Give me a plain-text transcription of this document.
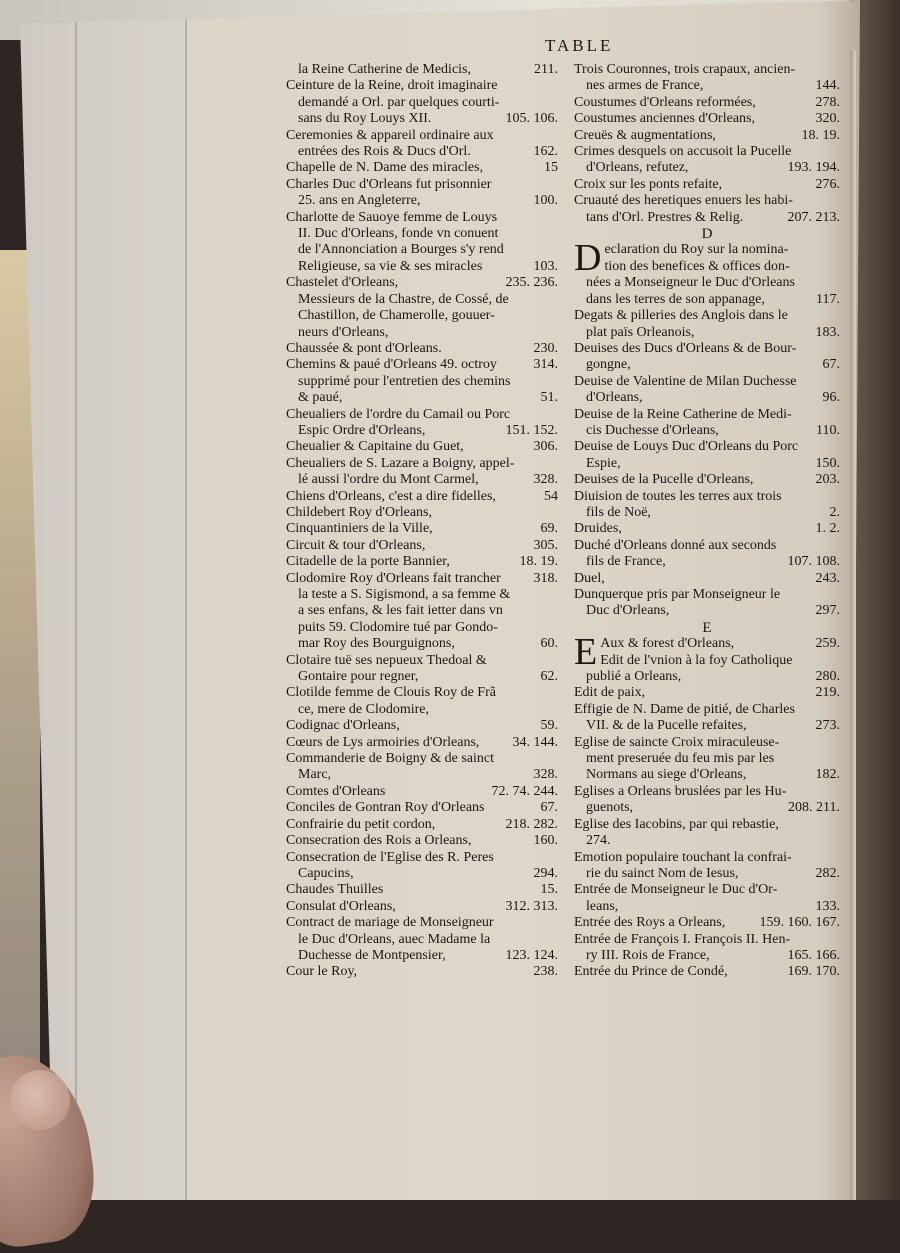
TABLE
la Reine Catherine de Medicis,	211.
Ceinture de la Reine, droit imaginaire
demandé a Orl. par quelques courti-
sans du Roy Louys XII.	105. 106.
Ceremonies & appareil ordinaire aux
entrées des Rois & Ducs d'Orl.	162.
Chapelle de N. Dame des miracles,	15
Charles Duc d'Orleans fut prisonnier
25. ans en Angleterre,	100.
Charlotte de Sauoye femme de Louys
II. Duc d'Orleans, fonde vn conuent
de l'Annonciation a Bourges s'y rend
Religieuse, sa vie & ses miracles	103.
Chastelet d'Orleans,	235. 236.
Messieurs de la Chastre, de Cossé, de
Chastillon, de Chamerolle, gouuer-
neurs d'Orleans,
Chaussée & pont d'Orleans.	230.
Chemins & paué d'Orleans 49. octroy	314.
supprimé pour l'entretien des chemins
& paué,	51.
Cheualiers de l'ordre du Camail ou Porc
Espic Ordre d'Orleans,	151. 152.
Cheualier & Capitaine du Guet,	306.
Cheualiers de S. Lazare a Boigny, appel-
lé aussi l'ordre du Mont Carmel,	328.
Chiens d'Orleans, c'est a dire fidelles,	54
Childebert Roy d'Orleans,
Cinquantiniers de la Ville,	69.
Circuit & tour d'Orleans,	305.
Citadelle de la porte Bannier,	18. 19.
Clodomire Roy d'Orleans fait trancher	318.
la teste a S. Sigismond, a sa femme &
a ses enfans, & les fait ietter dans vn
puits 59. Clodomire tué par Gondo-
mar Roy des Bourguignons,	60.
Clotaire tuë ses nepueux Thedoal &
Gontaire pour regner,	62.
Clotilde femme de Clouis Roy de Frã
ce, mere de Clodomire,
Codignac d'Orleans,	59.
Cœurs de Lys armoiries d'Orleans,	34. 144.
Commanderie de Boigny & de sainct
Marc,	328.
Comtes d'Orleans	72. 74. 244.
Conciles de Gontran Roy d'Orleans	67.
Confrairie du petit cordon,	218. 282.
Consecration des Rois a Orleans,	160.
Consecration de l'Eglise des R. Peres
Capucins,	294.
Chaudes Thuilles	15.
Consulat d'Orleans,	312. 313.
Contract de mariage de Monseigneur
le Duc d'Orleans, auec Madame la
Duchesse de Montpensier,	123. 124.
Cour le Roy,	238.
Trois Couronnes, trois crapaux, ancien-
nes armes de France,	144.
Coustumes d'Orleans reformées,	278.
Coustumes anciennes d'Orleans,	320.
Creuës & augmentations,	18. 19.
Crimes desquels on accusoit la Pucelle
d'Orleans, refutez,	193. 194.
Croix sur les ponts refaite,	276.
Cruauté des heretiques enuers les habi-
tans d'Orl. Prestres & Relig.	207. 213.
D
D eclaration du Roy sur la nomina-
tion des benefices & offices don-
nées a Monseigneur le Duc d'Orleans
dans les terres de son appanage,	117.
Degats & pilleries des Anglois dans le
plat païs Orleanois,	183.
Deuises des Ducs d'Orleans & de Bour-
gongne,	67.
Deuise de Valentine de Milan Duchesse
d'Orleans,	96.
Deuise de la Reine Catherine de Medi-
cis Duchesse d'Orleans,	110.
Deuise de Louys Duc d'Orleans du Porc
Espie,	150.
Deuises de la Pucelle d'Orleans,	203.
Diuision de toutes les terres aux trois
fils de Noë,	2.
Druides,	1. 2.
Duché d'Orleans donné aux seconds
fils de France,	107. 108.
Duel,	243.
Dunquerque pris par Monseigneur le
Duc d'Orleans,	297.
E
E Aux & forest d'Orleans,	259.
Edit de l'vnion à la foy Catholique
publié a Orleans,	280.
Edit de paix,	219.
Effigie de N. Dame de pitié, de Charles
VII. & de la Pucelle refaites,	273.
Eglise de saincte Croix miraculeuse-
ment preseruée du feu mis par les
Normans au siege d'Orleans,	182.
Eglises a Orleans bruslées par les Hu-
guenots,	208. 211.
Eglise des Iacobins, par qui rebastie,
274.
Emotion populaire touchant la confrai-
rie du sainct Nom de Iesus,	282.
Entrée de Monseigneur le Duc d'Or-
leans,	133.
Entrée des Roys a Orleans,	159. 160. 167.
Entrée de François I. François II. Hen-
ry III. Rois de France,	165. 166.
Entrée du Prince de Condé,	169. 170.
